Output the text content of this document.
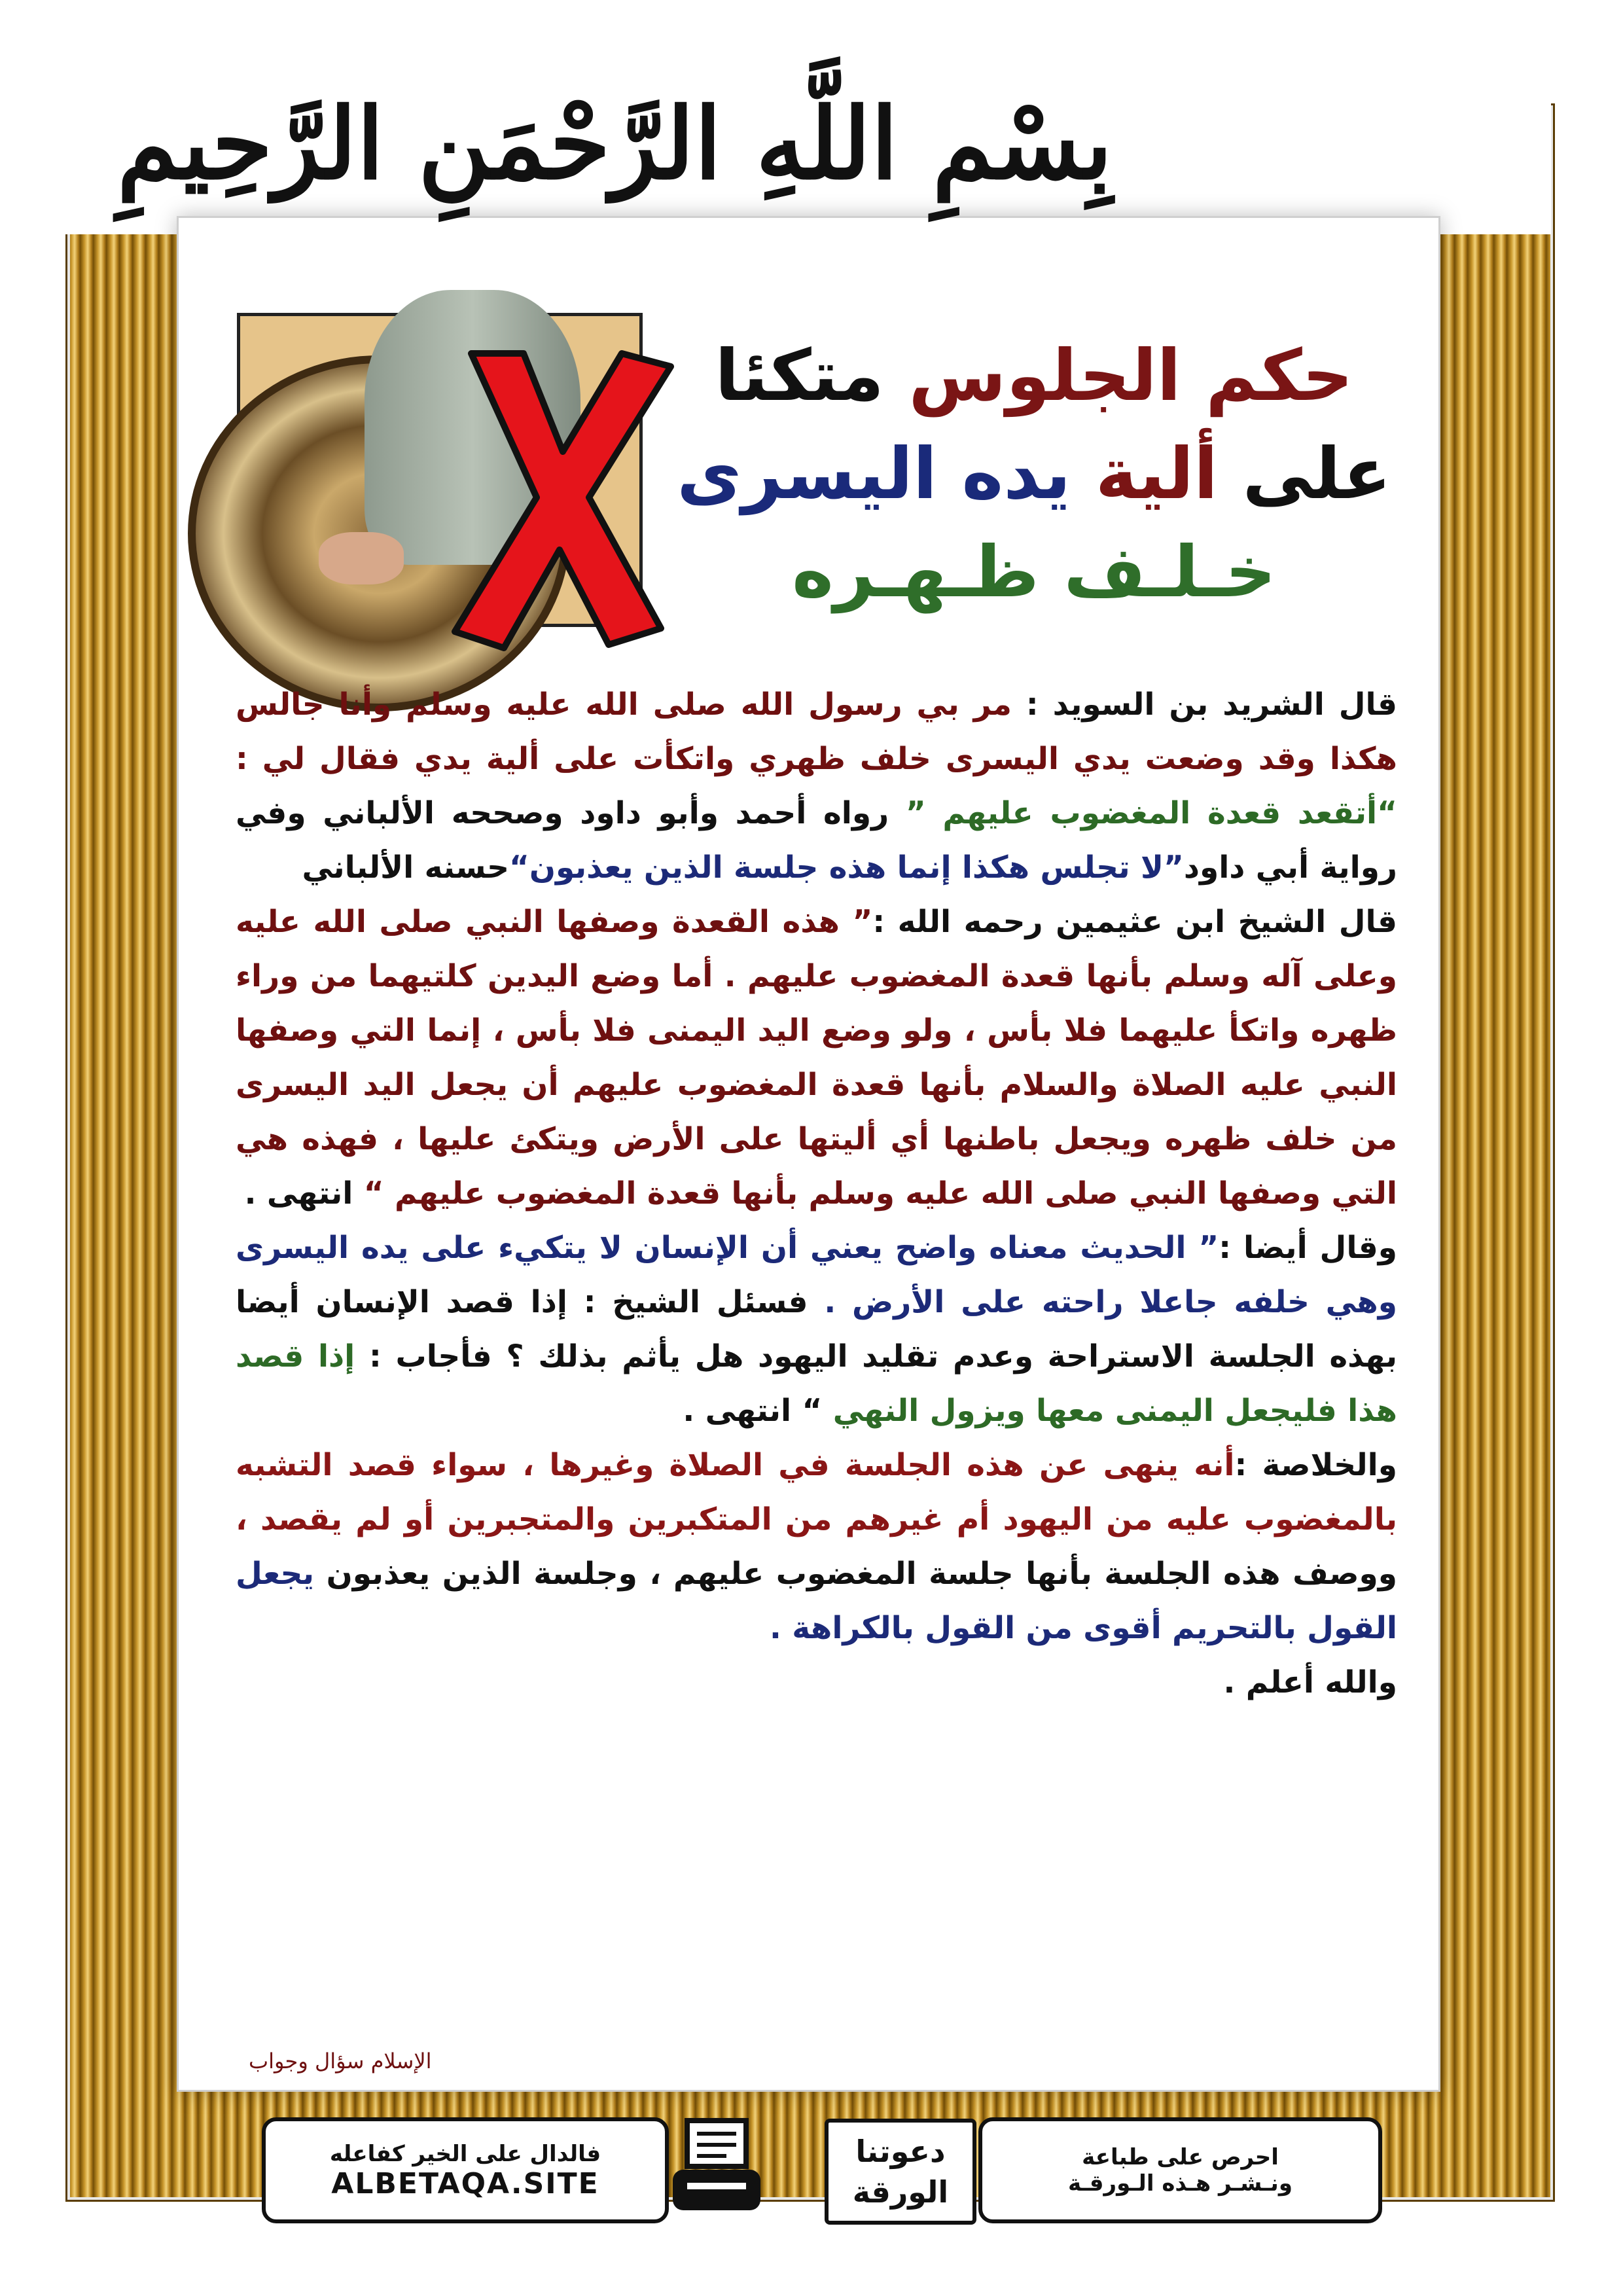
بِسْمِ اللَّهِ الرَّحْمَنِ الرَّحِيمِ
حكم الجلوس متكئا
على ألية يده اليسرى
خـلـف ظـهـره

قال الشريد بن السويد : مر بي رسول الله صلى الله عليه وسلم وأنا جالس هكذا وقد وضعت يدي اليسرى خلف ظهري واتكأت على ألية يدي فقال لي : “أتقعد قعدة المغضوب عليهم ” رواه أحمد وأبو داود وصححه الألباني وفي رواية أبي داود”لا تجلس هكذا إنما هذه جلسة الذين يعذبون“حسنه الألباني

قال الشيخ ابن عثيمين رحمه الله :” هذه القعدة وصفها النبي صلى الله عليه وعلى آله وسلم بأنها قعدة المغضوب عليهم . أما وضع اليدين كلتيهما من وراء ظهره واتكأ عليهما فلا بأس ، ولو وضع اليد اليمنى فلا بأس ، إنما التي وصفها النبي عليه الصلاة والسلام بأنها قعدة المغضوب عليهم أن يجعل اليد اليسرى من خلف ظهره ويجعل باطنها أي أليتها على الأرض ويتكئ عليها ، فهذه هي التي وصفها النبي صلى الله عليه وسلم بأنها قعدة المغضوب عليهم “ انتهى .

وقال أيضا :” الحديث معناه واضح يعني أن الإنسان لا يتكيء على يده اليسرى وهي خلفه جاعلا راحته على الأرض . فسئل الشيخ : إذا قصد الإنسان أيضا بهذه الجلسة الاستراحة وعدم تقليد اليهود هل يأثم بذلك ؟ فأجاب : إذا قصد هذا فليجعل اليمنى معها ويزول النهي “ انتهى .

والخلاصة :أنه ينهى عن هذه الجلسة في الصلاة وغيرها ، سواء قصد التشبه بالمغضوب عليه من اليهود أم غيرهم من المتكبرين والمتجبرين أو لم يقصد ، ووصف هذه الجلسة بأنها جلسة المغضوب عليهم ، وجلسة الذين يعذبون يجعل القول بالتحريم أقوى من القول بالكراهة .

والله أعلم .

الإسلام سؤال وجواب
فالدال على الخير كفاعله
ALBETAQA.SITE
دعوتنا
الورقة
احرص على طباعة
ونـشـر هـذه الـورقـة
